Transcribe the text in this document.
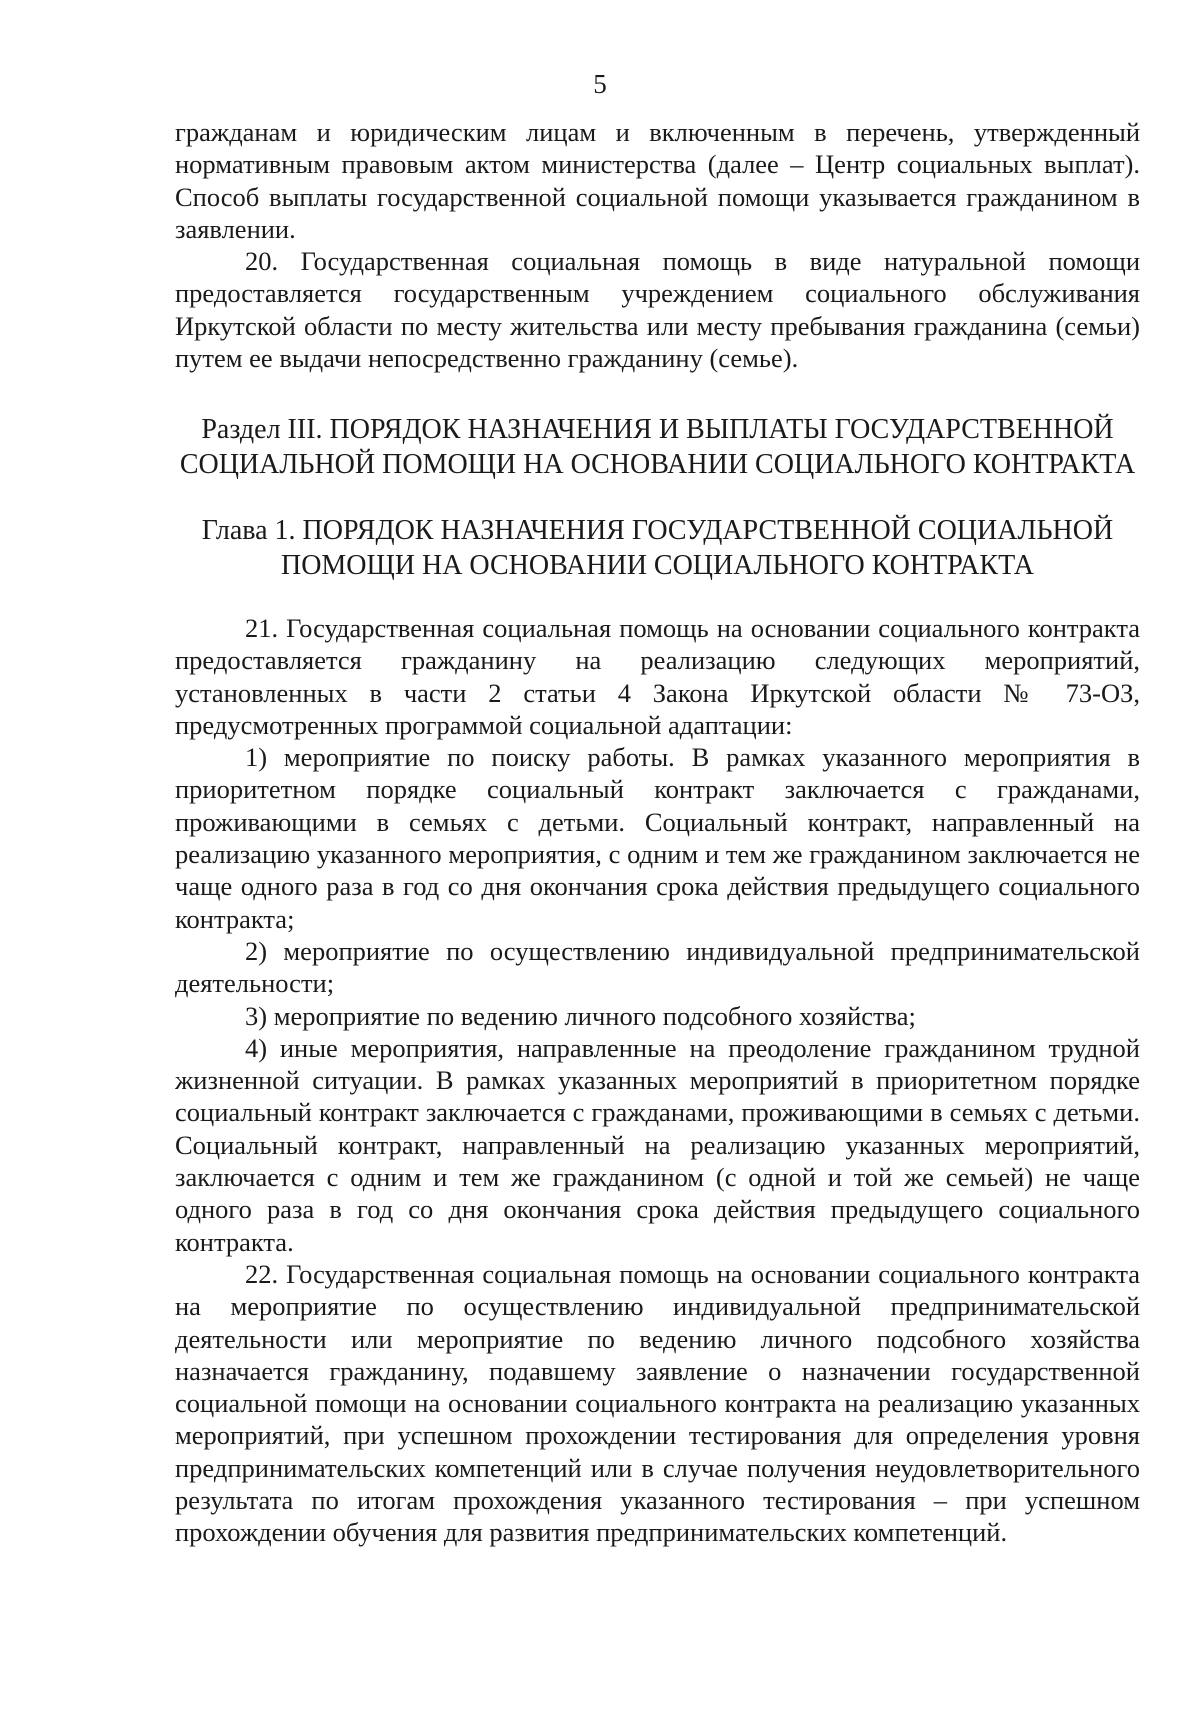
5

гражданам и юридическим лицам и включенным в перечень, утвержденный нормативным правовым актом министерства (далее – Центр социальных выплат). Способ выплаты государственной социальной помощи указывается гражданином в заявлении.

20. Государственная социальная помощь в виде натуральной помощи предоставляется государственным учреждением социального обслуживания Иркутской области по месту жительства или месту пребывания гражданина (семьи) путем ее выдачи непосредственно гражданину (семье).

Раздел III. ПОРЯДОК НАЗНАЧЕНИЯ И ВЫПЛАТЫ ГОСУДАРСТВЕННОЙ
СОЦИАЛЬНОЙ ПОМОЩИ НА ОСНОВАНИИ СОЦИАЛЬНОГО КОНТРАКТА
Глава 1. ПОРЯДОК НАЗНАЧЕНИЯ ГОСУДАРСТВЕННОЙ СОЦИАЛЬНОЙ
ПОМОЩИ НА ОСНОВАНИИ СОЦИАЛЬНОГО КОНТРАКТА

21. Государственная социальная помощь на основании социального контракта предоставляется гражданину на реализацию следующих мероприятий, установленных в части 2 статьи 4 Закона Иркутской области № 73-ОЗ, предусмотренных программой социальной адаптации:

1) мероприятие по поиску работы. В рамках указанного мероприятия в приоритетном порядке социальный контракт заключается с гражданами, проживающими в семьях с детьми. Социальный контракт, направленный на реализацию указанного мероприятия, с одним и тем же гражданином заключается не чаще одного раза в год со дня окончания срока действия предыдущего социального контракта;

2) мероприятие по осуществлению индивидуальной предпринимательской деятельности;

3) мероприятие по ведению личного подсобного хозяйства;

4) иные мероприятия, направленные на преодоление гражданином трудной жизненной ситуации. В рамках указанных мероприятий в приоритетном порядке социальный контракт заключается с гражданами, проживающими в семьях с детьми. Социальный контракт, направленный на реализацию указанных мероприятий, заключается с одним и тем же гражданином (с одной и той же семьей) не чаще одного раза в год со дня окончания срока действия предыдущего социального контракта.

22. Государственная социальная помощь на основании социального контракта на мероприятие по осуществлению индивидуальной предпринимательской деятельности или мероприятие по ведению личного подсобного хозяйства назначается гражданину, подавшему заявление о назначении государственной социальной помощи на основании социального контракта на реализацию указанных мероприятий, при успешном прохождении тестирования для определения уровня предпринимательских компетенций или в случае получения неудовлетворительного результата по итогам прохождения указанного тестирования – при успешном прохождении обучения для развития предпринимательских компетенций.
